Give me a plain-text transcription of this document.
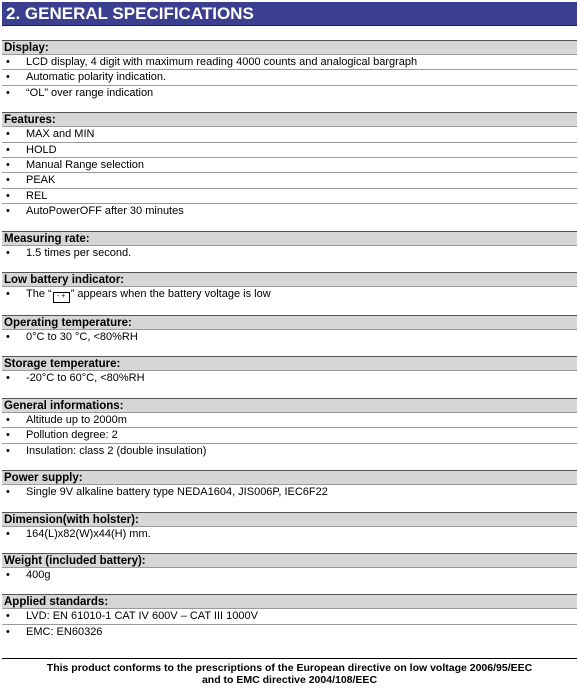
2. GENERAL SPECIFICATIONS
Display:
• LCD display, 4 digit with maximum reading 4000 counts and analogical bargraph
• Automatic polarity indication.
• “OL” over range indication
Features:
• MAX and MIN
• HOLD
• Manual Range selection
• PEAK
• REL
• AutoPowerOFF after 30 minutes
Measuring rate:
• 1.5 times per second.
Low battery indicator:
• The “ - + ” appears when the battery voltage is low
Operating temperature:
• 0°C to 30 °C, <80%RH
Storage temperature:
• -20°C to 60°C, <80%RH
General informations:
• Altitude up to 2000m
• Pollution degree: 2
• Insulation: class 2 (double insulation)
Power supply:
• Single 9V alkaline battery type NEDA1604, JIS006P, IEC6F22
Dimension(with holster):
• 164(L)x82(W)x44(H) mm.
Weight (included battery):
• 400g
Applied standards:
• LVD: EN 61010-1 CAT IV 600V – CAT III 1000V
• EMC: EN60326
This product conforms to the prescriptions of the European directive on low voltage 2006/95/EEC
and to EMC directive 2004/108/EEC
